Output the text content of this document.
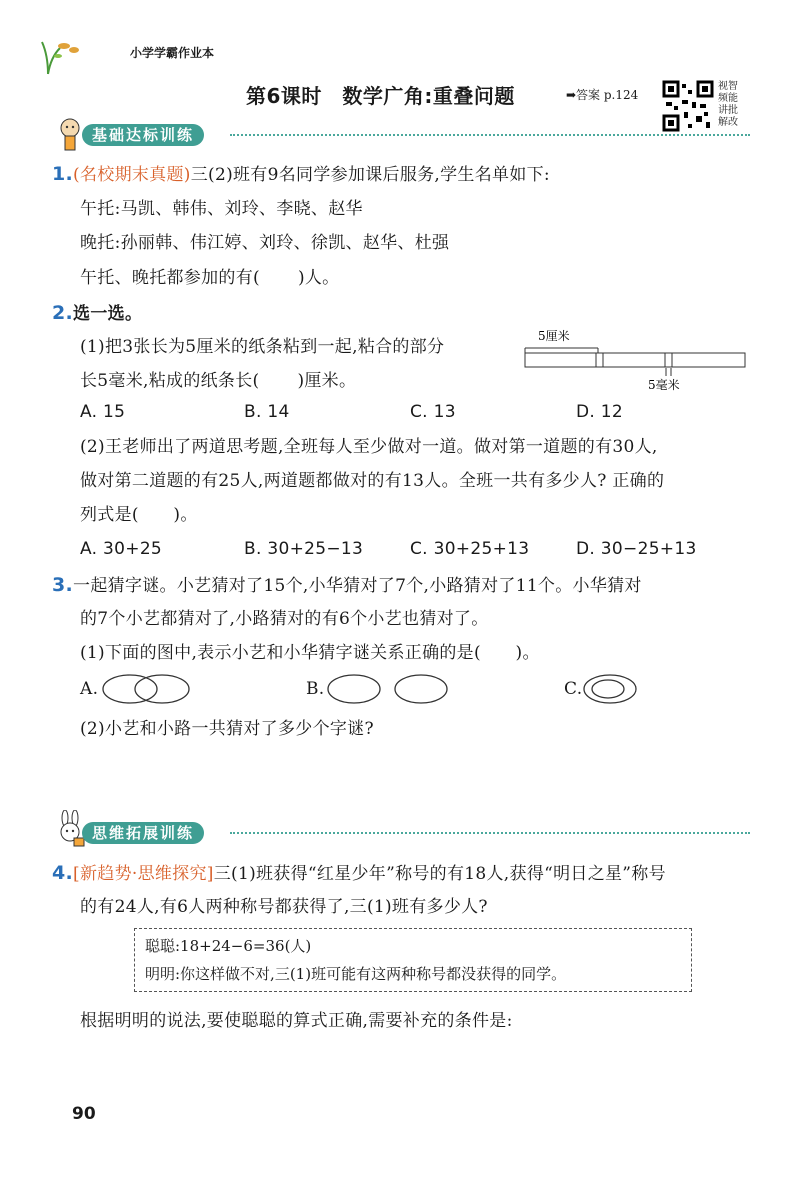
小学学霸作业本
第6课时　数学广角:重叠问题	➡答案 p.124
视智
频能
讲批
解改
基础达标训练
1.(名校期末真题)三(2)班有9名同学参加课后服务,学生名单如下:
午托:马凯、韩伟、刘玲、李晓、赵华
晚托:孙丽韩、伟江婷、刘玲、徐凯、赵华、杜强
午托、晚托都参加的有( )人。
2.选一选。
(1)把3张长为5厘米的纸条粘到一起,粘合的部分
长5毫米,粘成的纸条长( )厘米。
5厘米
5毫米
A. 15	B. 14	C. 13	D. 12
(2)王老师出了两道思考题,全班每人至少做对一道。做对第一道题的有30人,
做对第二道题的有25人,两道题都做对的有13人。全班一共有多少人? 正确的
列式是(　　)。
A. 30+25	B. 30+25−13	C. 30+25+13	D. 30−25+13
3.一起猜字谜。小艺猜对了15个,小华猜对了7个,小路猜对了11个。小华猜对
的7个小艺都猜对了,小路猜对的有6个小艺也猜对了。
(1)下面的图中,表示小艺和小华猜字谜关系正确的是(　　)。
A.	B.	C.
(2)小艺和小路一共猜对了多少个字谜?
思维拓展训练
4.[新趋势·思维探究]三(1)班获得“红星少年”称号的有18人,获得“明日之星”称号
的有24人,有6人两种称号都获得了,三(1)班有多少人?
聪聪:18+24−6=36(人)
明明:你这样做不对,三(1)班可能有这两种称号都没获得的同学。
根据明明的说法,要使聪聪的算式正确,需要补充的条件是:
90
